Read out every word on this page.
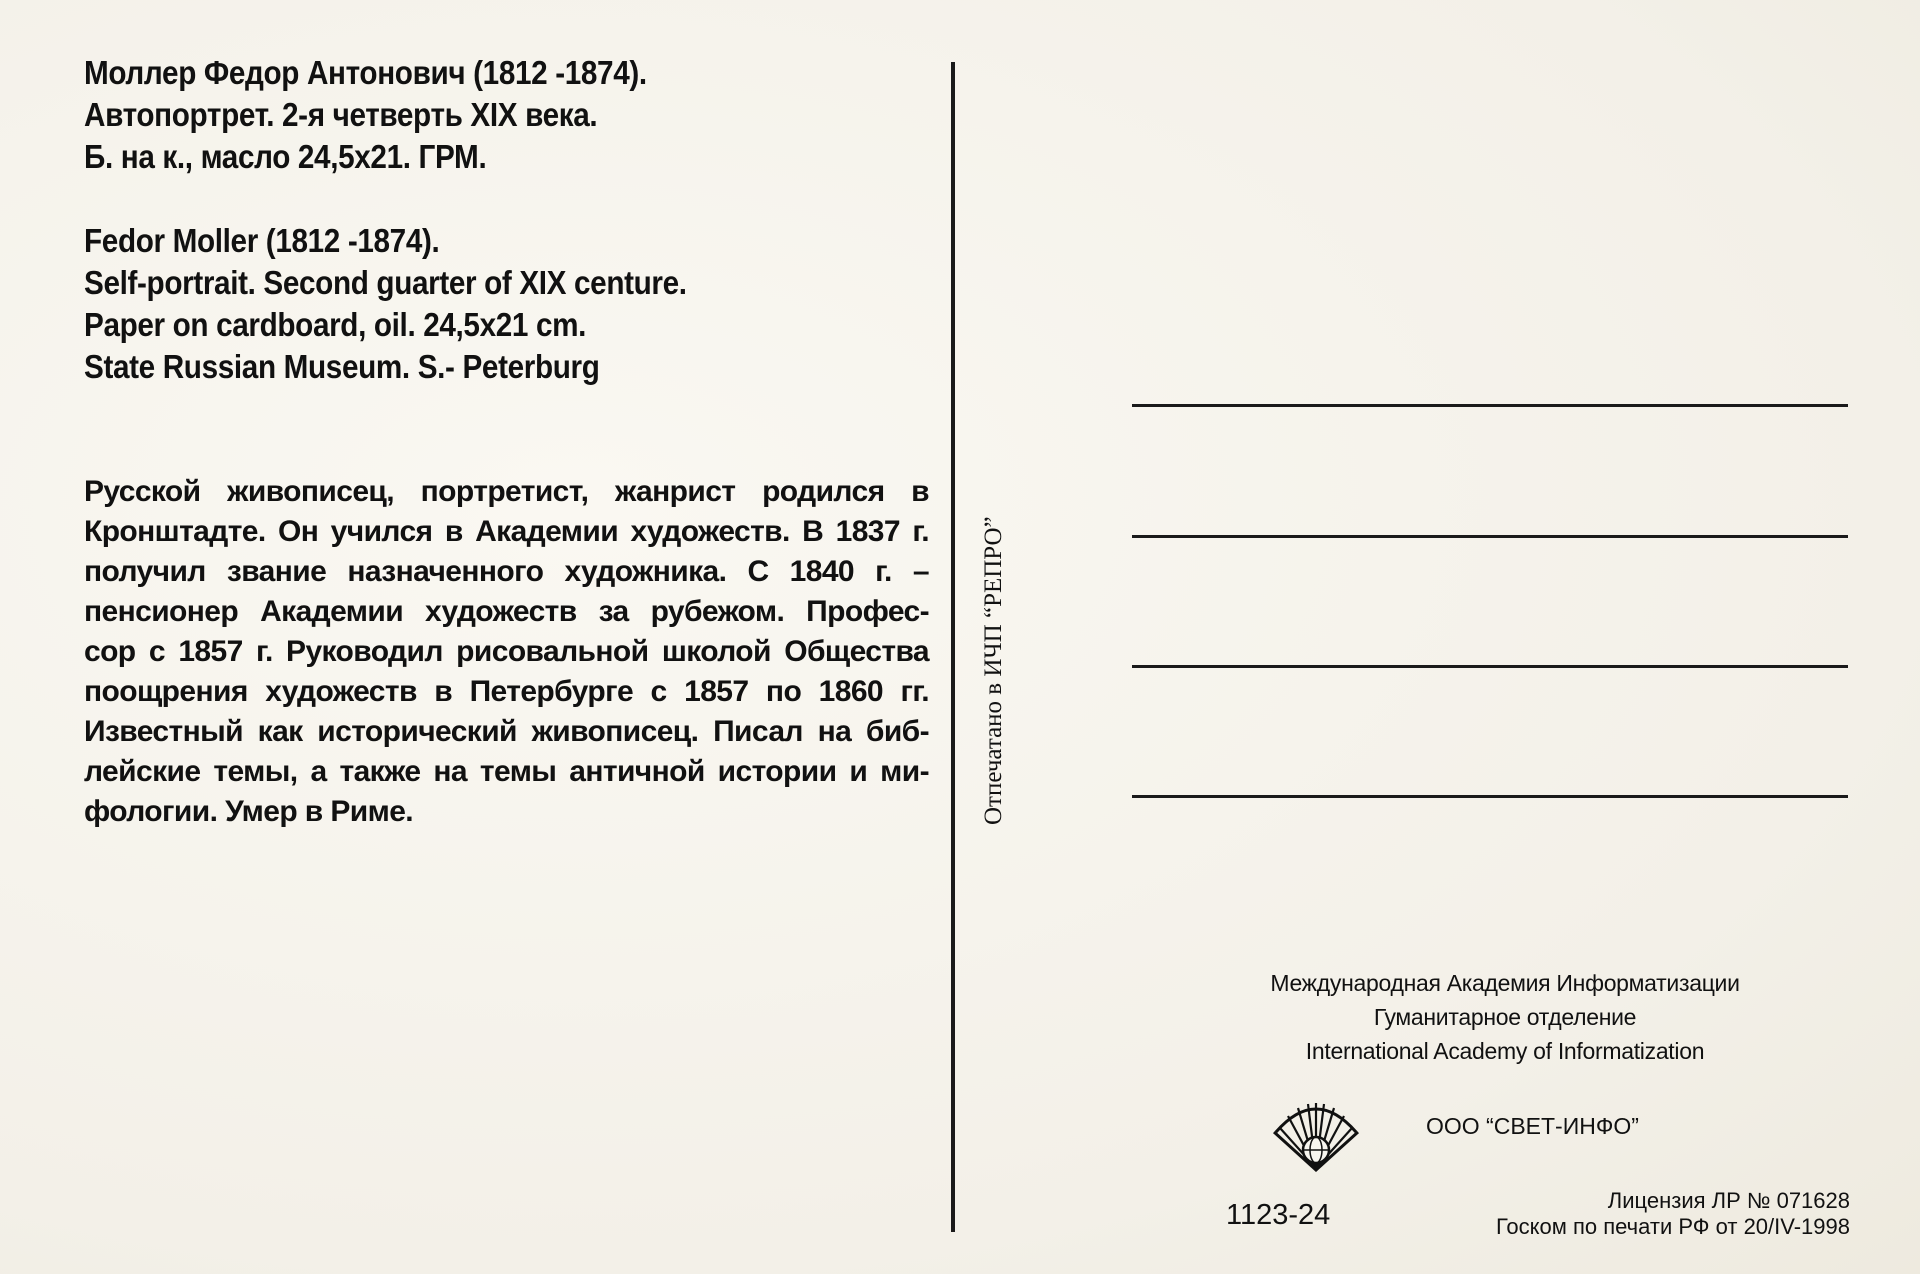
Моллер Федор Антонович (1812 -1874).
Автопортрет. 2-я четверть XIX века.
Б. на к., масло 24,5х21. ГРМ.
Fedor Moller (1812 -1874).
Self-portrait. Second guarter of XIX centure.
Paper on cardboard, oil. 24,5x21 cm.
State Russian Museum. S.- Peterburg
Русской живописец, портретист, жанрист родился в
Кронштадте. Он учился в Академии художеств. В 1837 г.
получил звание назначенного художника. С 1840 г. –
пенсионер Академии художеств за рубежом. Профес-
сор с 1857 г. Руководил рисовальной школой Общества
поощрения художеств в Петербурге с 1857 по 1860 гг.
Известный как исторический живописец. Писал на биб-
лейские темы, а также на темы античной истории и ми-
фологии. Умер в Риме.	Отпечатано в ИЧП “РЕПРО”
Международная Академия Информатизации
Гуманитарное отделение
International Academy of Informatization
ООО “СВЕТ-ИНФО”
1123-24	Лицензия ЛР № 071628
Госком по печати РФ от 20/IV-1998
